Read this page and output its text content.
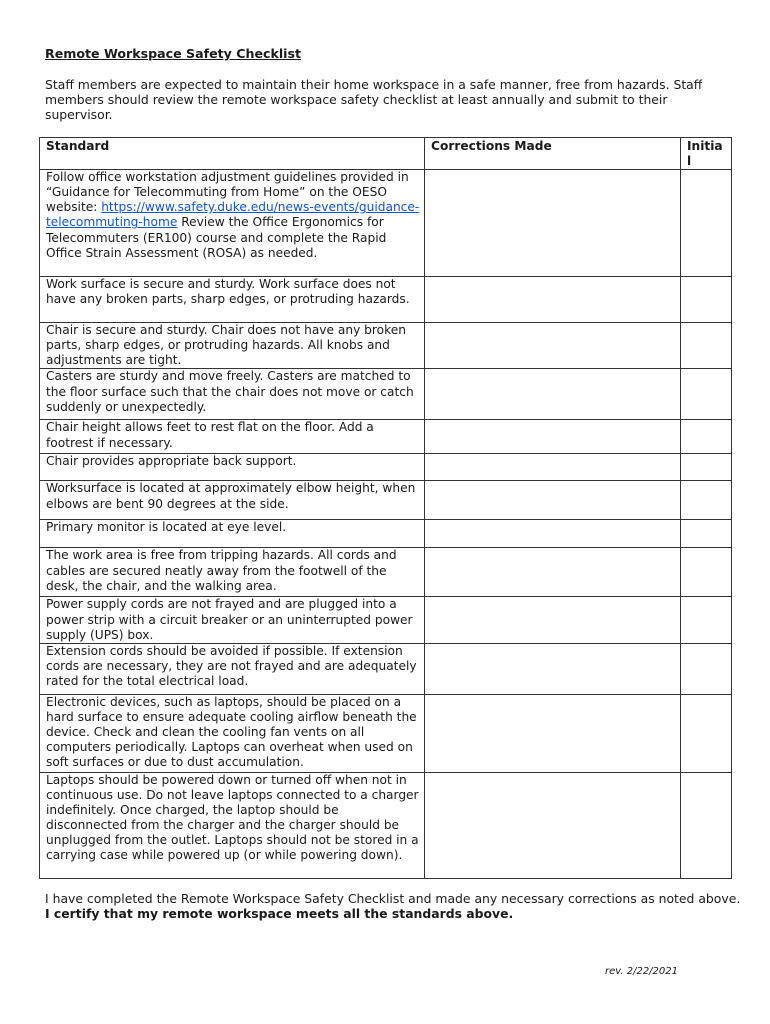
Remote Workspace Safety Checklist
Staff members are expected to maintain their home workspace in a safe manner, free from hazards. Staff members should review the remote workspace safety checklist at least annually and submit to their supervisor.
Standard	Corrections Made	Initia l
Follow office workstation adjustment guidelines provided in “Guidance for Telecommuting from Home” on the OESO website: https://www.safety.duke.edu/news-events/guidance-telecommuting-home Review the Office Ergonomics for Telecommuters (ER100) course and complete the Rapid Office Strain Assessment (ROSA) as needed.		
Work surface is secure and sturdy. Work surface does not have any broken parts, sharp edges, or protruding hazards.		
Chair is secure and sturdy. Chair does not have any broken parts, sharp edges, or protruding hazards. All knobs and adjustments are tight.		
Casters are sturdy and move freely. Casters are matched to the floor surface such that the chair does not move or catch suddenly or unexpectedly.		
Chair height allows feet to rest flat on the floor. Add a footrest if necessary.		
Chair provides appropriate back support.		
Worksurface is located at approximately elbow height, when elbows are bent 90 degrees at the side.		
Primary monitor is located at eye level.		
The work area is free from tripping hazards. All cords and cables are secured neatly away from the footwell of the desk, the chair, and the walking area.		
Power supply cords are not frayed and are plugged into a power strip with a circuit breaker or an uninterrupted power supply (UPS) box.		
Extension cords should be avoided if possible. If extension cords are necessary, they are not frayed and are adequately rated for the total electrical load.		
Electronic devices, such as laptops, should be placed on a hard surface to ensure adequate cooling airflow beneath the device. Check and clean the cooling fan vents on all computers periodically. Laptops can overheat when used on soft surfaces or due to dust accumulation.		
Laptops should be powered down or turned off when not in continuous use. Do not leave laptops connected to a charger indefinitely. Once charged, the laptop should be disconnected from the charger and the charger should be unplugged from the outlet. Laptops should not be stored in a carrying case while powered up (or while powering down).		
I have completed the Remote Workspace Safety Checklist and made any necessary corrections as noted above. I certify that my remote workspace meets all the standards above.
rev. 2/22/2021
